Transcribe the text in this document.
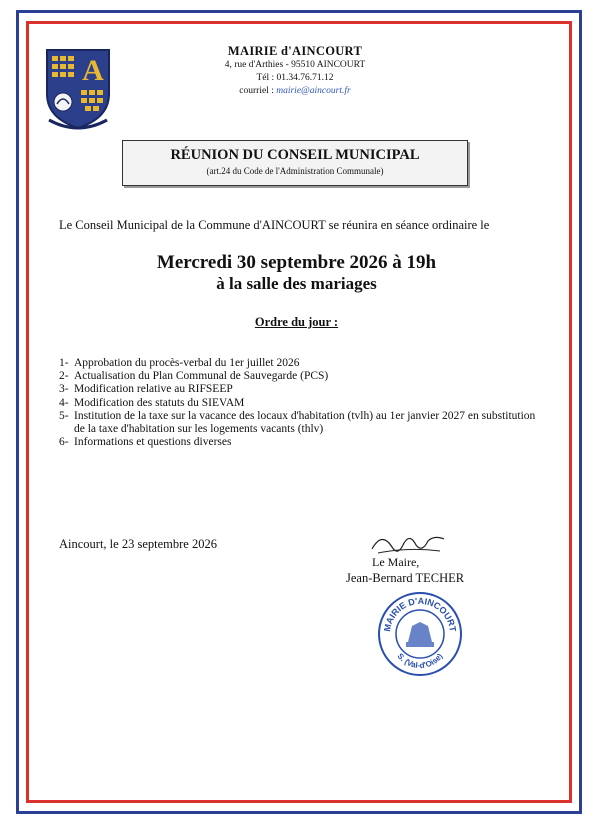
A
MAIRIE d'AINCOURT
4, rue d'Arthies - 95510 AINCOURT
Tél : 01.34.76.71.12
courriel : mairie@aincourt.fr
RÉUNION DU CONSEIL MUNICIPAL
(art.24 du Code de l'Administration Communale)
Le Conseil Municipal de la Commune d'AINCOURT se réunira en séance ordinaire le
Mercredi 30 septembre 2026 à 19h
à la salle des mariages
Ordre du jour :
1- Approbation du procès-verbal du 1er juillet 2026
2- Actualisation du Plan Communal de Sauvegarde (PCS)
3- Modification relative au RIFSEEP
4- Modification des statuts du SIEVAM
5- Institution de la taxe sur la vacance des locaux d'habitation (tvlh) au 1er janvier 2027 en substitution de la taxe d'habitation sur les logements vacants (thlv)
6- Informations et questions diverses
Aincourt, le 23 septembre 2026
Le Maire,
Jean-Bernard TECHER
MAIRIE D'AINCOURT
S. (Val-d'Oise)
